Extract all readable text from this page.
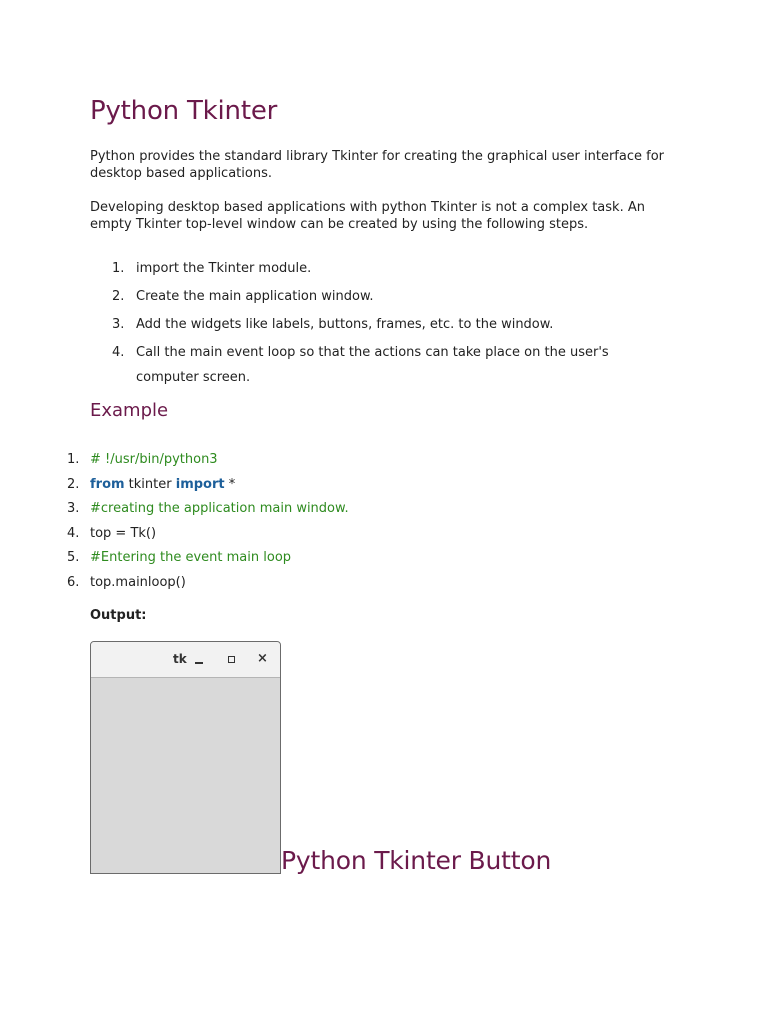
Python Tkinter

Python provides the standard library Tkinter for creating the graphical user interface for desktop based applications.

Developing desktop based applications with python Tkinter is not a complex task. An empty Tkinter top-level window can be created by using the following steps.

1. import the Tkinter module.
2. Create the main application window.
3. Add the widgets like labels, buttons, frames, etc. to the window.
4. Call the main event loop so that the actions can take place on the user's computer screen.
Example
1. # !/usr/bin/python3
2. from tkinter import *
3. #creating the application main window.
4. top = Tk()
5. #Entering the event main loop
6. top.mainloop()

Output:

tk	×
Python Tkinter Button
